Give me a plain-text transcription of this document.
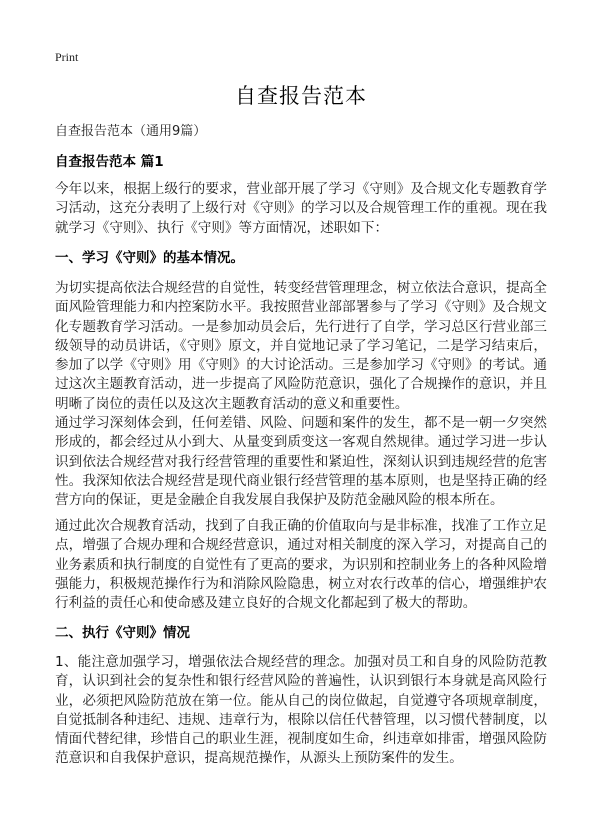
Print
自查报告范本
自查报告范本（通用9篇）
自查报告范本 篇1

今年以来，根据上级行的要求，营业部开展了学习《守则》及合规文化专题教育学习活动，这充分表明了上级行对《守则》的学习以及合规管理工作的重视。现在我就学习《守则》、执行《守则》等方面情况，述职如下：

一、学习《守则》的基本情况。

为切实提高依法合规经营的自觉性，转变经营管理理念，树立依法合意识，提高全面风险管理能力和内控案防水平。我按照营业部部署参与了学习《守则》及合规文化专题教育学习活动。一是参加动员会后，先行进行了自学，学习总区行营业部三级领导的动员讲话，《守则》原文，并自觉地记录了学习笔记，二是学习结束后，参加了以学《守则》用《守则》的大讨论活动。三是参加学习《守则》的考试。通过这次主题教育活动，进一步提高了风险防范意识，强化了合规操作的意识，并且明晰了岗位的责任以及这次主题教育活动的意义和重要性。

通过学习深刻体会到，任何差错、风险、问题和案件的发生，都不是一朝一夕突然形成的，都会经过从小到大、从量变到质变这一客观自然规律。通过学习进一步认识到依法合规经营对我行经营管理的重要性和紧迫性，深刻认识到违规经营的危害性。我深知依法合规经营是现代商业银行经营管理的基本原则，也是坚持正确的经营方向的保证，更是金融企自我发展自我保护及防范金融风险的根本所在。

通过此次合规教育活动，找到了自我正确的价值取向与是非标准，找准了工作立足点，增强了合规办理和合规经营意识，通过对相关制度的深入学习，对提高自己的业务素质和执行制度的自觉性有了更高的要求，为识别和控制业务上的各种风险增强能力，积极规范操作行为和消除风险隐患，树立对农行改革的信心，增强维护农行利益的责任心和使命感及建立良好的合规文化都起到了极大的帮助。

二、执行《守则》情况

1、能注意加强学习，增强依法合规经营的理念。加强对员工和自身的风险防范教育，认识到社会的复杂性和银行经营风险的普遍性，认识到银行本身就是高风险行业，必须把风险防范放在第一位。能从自己的岗位做起，自觉遵守各项规章制度，自觉抵制各种违纪、违规、违章行为，根除以信任代替管理，以习惯代替制度，以情面代替纪律，珍惜自己的职业生涯，视制度如生命，纠违章如排雷，增强风险防范意识和自我保护意识，提高规范操作，从源头上预防案件的发生。
